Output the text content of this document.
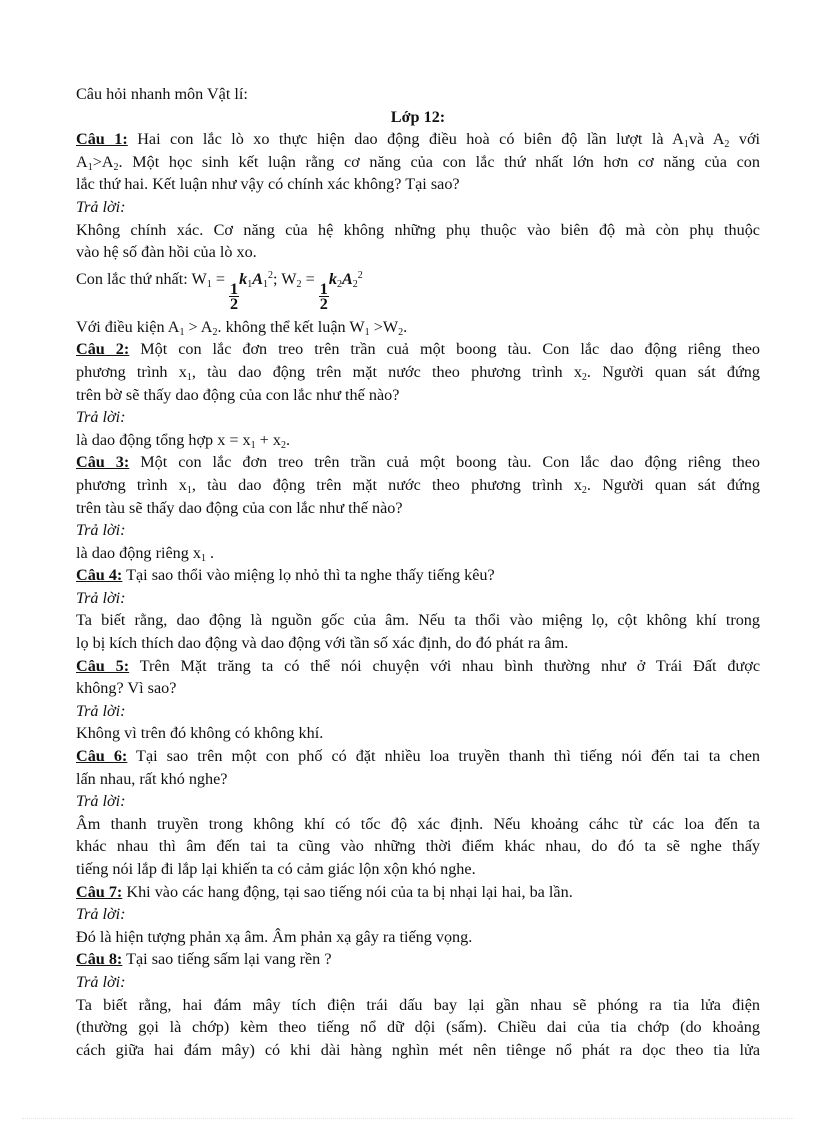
Câu hỏi nhanh môn Vật lí:
Lớp 12:
Câu 1: Hai con lắc lò xo thực hiện dao động điều hoà có biên độ lần lượt là $A_1và$ $A_2$ với
$A_1>A_2$. Một học sinh kết luận rằng cơ năng của con lắc thứ nhất lớn hơn cơ năng của con
lắc thứ hai. Kết luận như vậy có chính xác không? Tại sao?
Trả lời:
Không chính xác. Cơ năng của hệ không những phụ thuộc vào biên độ mà còn phụ thuộc
vào hệ số đàn hồi của lò xo.
Con lắc thứ nhất: $W_1$ =
$\frac{1}{2}$
$k_1A_1^2$; $W_2$ =
$\frac{1}{2}$
$k_2A_2^2$
Với điều kiện $A_1 > A_2$. không thể kết luận $W_1 >W_2$.
Câu 2: Một con lắc đơn treo trên trần cuả một boong tàu. Con lắc dao động riêng theo
phương trình $x_1$, tàu dao động trên mặt nước theo phương trình $x_2$. Người quan sát đứng
trên bờ sẽ thấy dao động của con lắc như thế nào?
Trả lời:
là dao động tổng hợp $x = x_1 + x_2$.
Câu 3: Một con lắc đơn treo trên trần cuả một boong tàu. Con lắc dao động riêng theo
phương trình $x_1$, tàu dao động trên mặt nước theo phương trình $x_2$. Người quan sát đứng
trên tàu sẽ thấy dao động của con lắc như thế nào?
Trả lời:
là dao động riêng $x_1$ .
Câu 4: Tại sao thổi vào miệng lọ nhỏ thì ta nghe thấy tiếng kêu?
Trả lời:
Ta biết rằng, dao động là nguồn gốc của âm. Nếu ta thổi vào miệng lọ, cột không khí trong
lọ bị kích thích dao động và dao động với tần số xác định, do đó phát ra âm.
Câu 5: Trên Mặt trăng ta có thể nói chuyện với nhau bình thường như ở Trái Đất được
không? Vì sao?
Trả lời:
Không vì trên đó không có không khí.
Câu 6: Tại sao trên một con phố có đặt nhiều loa truyền thanh thì tiếng nói đến tai ta chen
lấn nhau, rất khó nghe?
Trả lời:
Âm thanh truyền trong không khí có tốc độ xác định. Nếu khoảng cáhc từ các loa đến ta
khác nhau thì âm đến tai ta cũng vào những thời điểm khác nhau, do đó ta sẽ nghe thấy
tiếng nói lắp đi lắp lại khiến ta có cảm giác lộn xộn khó nghe.
Câu 7: Khi vào các hang động, tại sao tiếng nói của ta bị nhại lại hai, ba lần.
Trả lời:
Đó là hiện tượng phản xạ âm. Âm phản xạ gây ra tiếng vọng.
Câu 8: Tại sao tiếng sấm lại vang rền ?
Trả lời:
Ta biết rằng, hai đám mây tích điện trái dấu bay lại gần nhau sẽ phóng ra tia lửa điện
(thường gọi là chớp) kèm theo tiếng nổ dữ dội (sấm). Chiều dai của tia chớp (do khoảng
cách giữa hai đám mây) có khi dài hàng nghìn mét nên tiênge nổ phát ra dọc theo tia lửa
